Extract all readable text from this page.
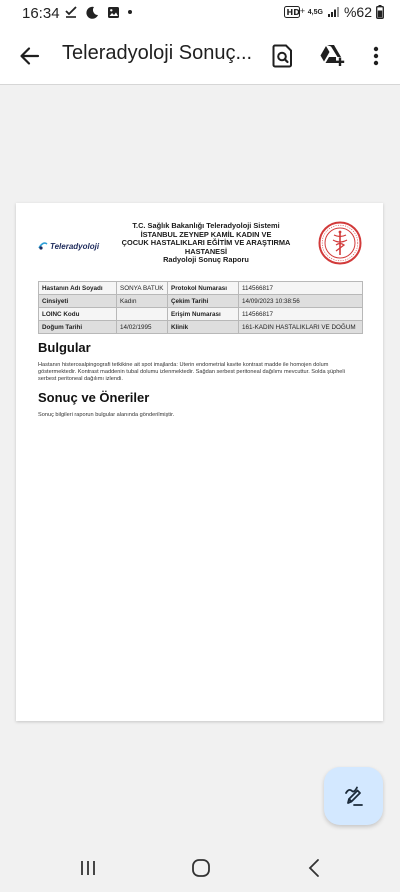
16:34	HD + 4,5G %62
Teleradyoloji Sonuç...
Teleradyoloji
T.C. Sağlık Bakanlığı Teleradyoloji Sistemi
İSTANBUL ZEYNEP KAMİL KADIN VE
ÇOCUK HASTALIKLARI EĞİTİM VE ARAŞTIRMA
HASTANESİ
Radyoloji Sonuç Raporu
Hastanın Adı Soyadı	SONYA BATUK	Protokol Numarası	114566817
Cinsiyeti	Kadın	Çekim Tarihi	14/09/2023 10:38:56
LOINC Kodu		Erişim Numarası	114566817
Doğum Tarihi	14/02/1995	Klinik	161-KADIN HASTALIKLARI VE DOĞUM
Bulgular
Hastanın histerosalpingografi tetkikine ait spot imajlarda: Uterin endometrial kavite kontrast madde ile homojen dolum göstermektedir. Kontrast maddenin tubal dolumu izlenmektedir. Sağdan serbest peritoneal dağılımı mevcuttur. Solda şüpheli serbest peritoneal dağılımı izlendi.
Sonuç ve Öneriler
Sonuç bilgileri raporun bulgular alanında gönderilmiştir.
